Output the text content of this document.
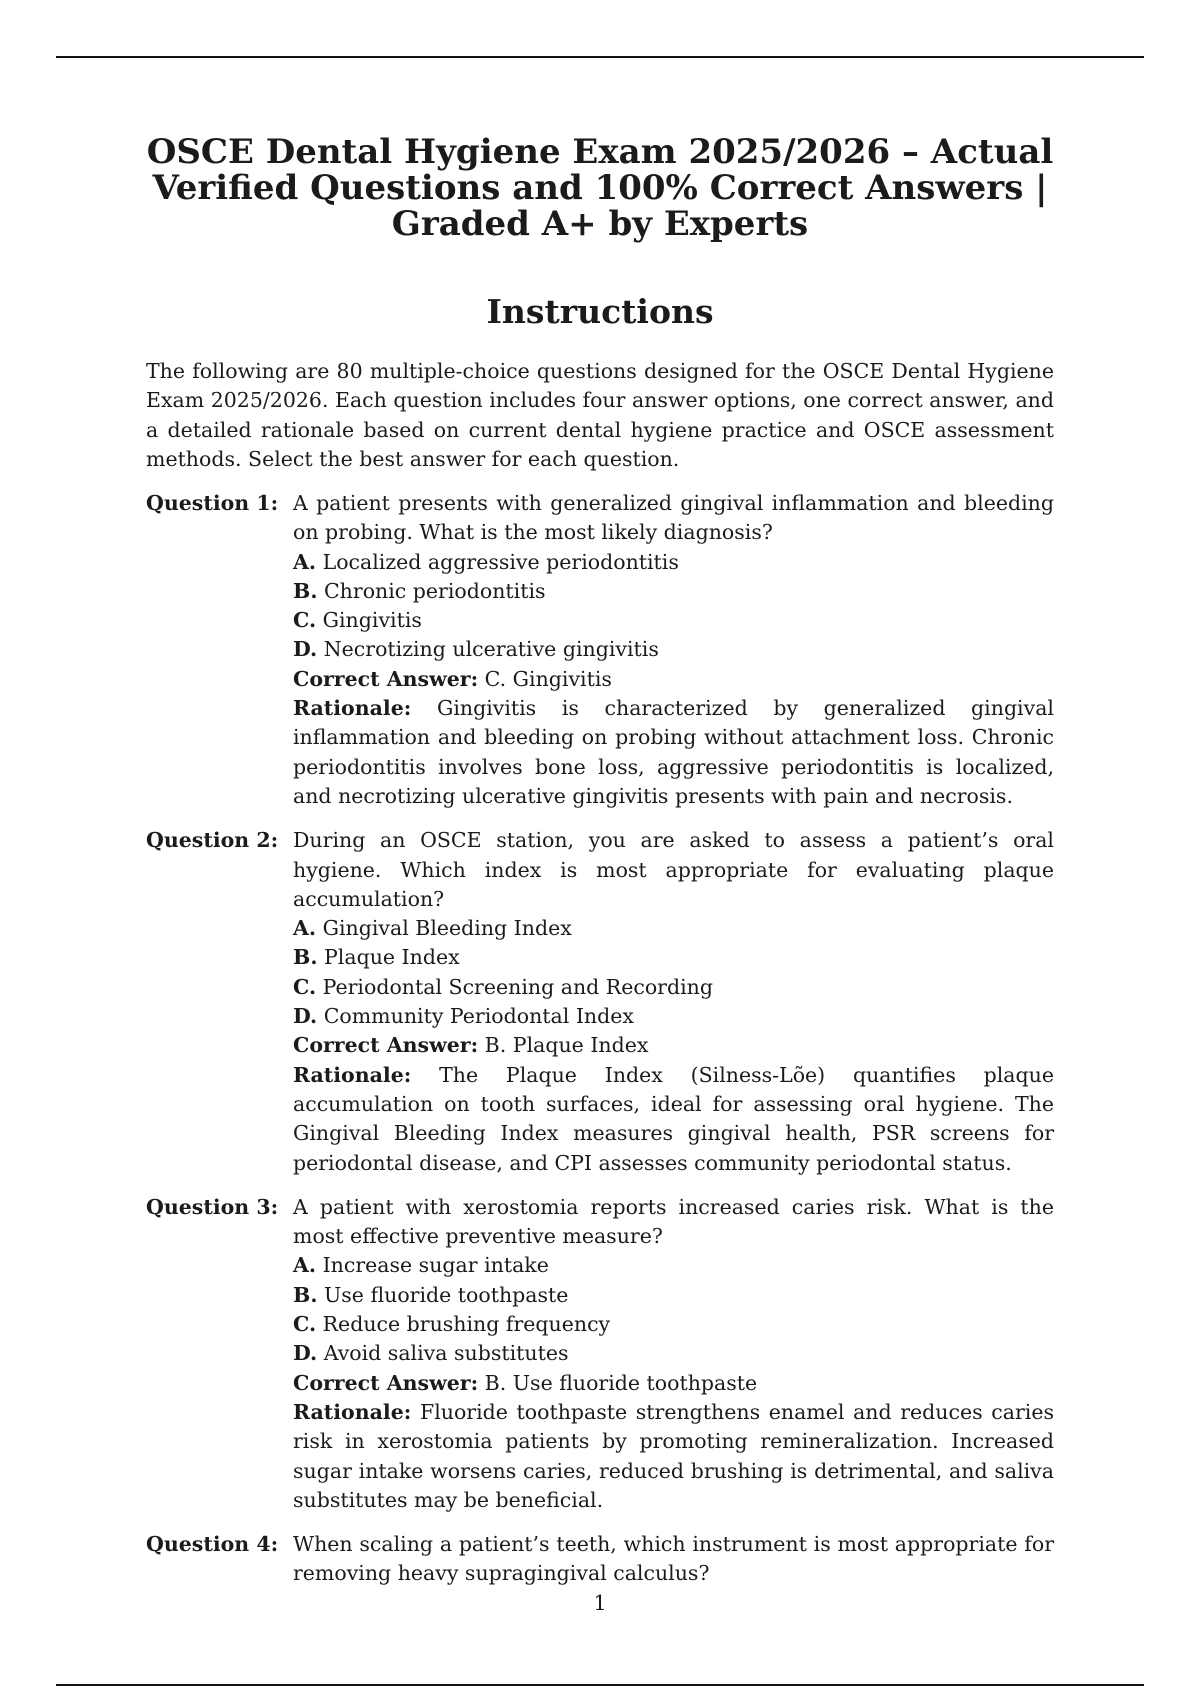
OSCE Dental Hygiene Exam 2025/2026 – Actual Verified Questions and 100% Correct Answers | Graded A+ by Experts
Instructions

The following are 80 multiple-choice questions designed for the OSCE Dental Hygiene Exam 2025/2026. Each question includes four answer options, one correct answer, and a detailed rationale based on current dental hygiene practice and OSCE assessment methods. Select the best answer for each question.

Question 1: A patient presents with generalized gingival inflammation and bleeding on probing. What is the most likely diagnosis?
A. Localized aggressive periodontitis
B. Chronic periodontitis
C. Gingivitis
D. Necrotizing ulcerative gingivitis
Correct Answer: C. Gingivitis
Rationale: Gingivitis is characterized by generalized gingival inflammation and bleeding on probing without attachment loss. Chronic periodontitis involves bone loss, aggressive periodontitis is localized, and necrotizing ulcerative gingivitis presents with pain and necrosis.
Question 2: During an OSCE station, you are asked to assess a patient’s oral hygiene. Which index is most appropriate for evaluating plaque accumulation?
A. Gingival Bleeding Index
B. Plaque Index
C. Periodontal Screening and Recording
D. Community Periodontal Index
Correct Answer: B. Plaque Index
Rationale: The Plaque Index (Silness-Lõe) quantifies plaque accumulation on tooth surfaces, ideal for assessing oral hygiene. The Gingival Bleeding Index measures gingival health, PSR screens for periodontal disease, and CPI assesses community periodontal status.
Question 3: A patient with xerostomia reports increased caries risk. What is the most effective preventive measure?
A. Increase sugar intake
B. Use fluoride toothpaste
C. Reduce brushing frequency
D. Avoid saliva substitutes
Correct Answer: B. Use fluoride toothpaste
Rationale: Fluoride toothpaste strengthens enamel and reduces caries risk in xerostomia patients by promoting remineralization. Increased sugar intake worsens caries, reduced brushing is detrimental, and saliva substitutes may be beneficial.
Question 4: When scaling a patient’s teeth, which instrument is most appropriate for removing heavy supragingival calculus?
1
